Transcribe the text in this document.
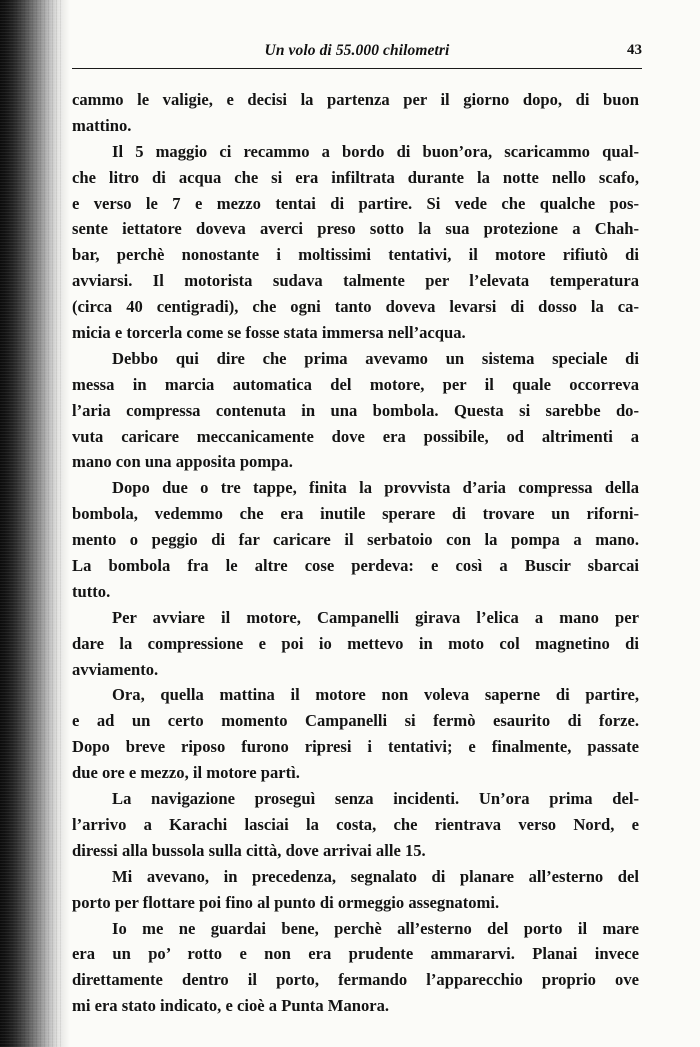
Un volo di 55.000 chilometri	43
cammo le valigie, e decisi la partenza per il giorno dopo, di buon
mattino.
Il 5 maggio ci recammo a bordo di buon’ora, scaricammo qual-
che litro di acqua che si era infiltrata durante la notte nello scafo,
e verso le 7 e mezzo tentai di partire. Si vede che qualche pos-
sente iettatore doveva averci preso sotto la sua protezione a Chah-
bar, perchè nonostante i moltissimi tentativi, il motore rifiutò di
avviarsi. Il motorista sudava talmente per l’elevata temperatura
(circa 40 centigradi), che ogni tanto doveva levarsi di dosso la ca-
micia e torcerla come se fosse stata immersa nell’acqua.
Debbo qui dire che prima avevamo un sistema speciale di
messa in marcia automatica del motore, per il quale occorreva
l’aria compressa contenuta in una bombola. Questa si sarebbe do-
vuta caricare meccanicamente dove era possibile, od altrimenti a
mano con una apposita pompa.
Dopo due o tre tappe, finita la provvista d’aria compressa della
bombola, vedemmo che era inutile sperare di trovare un riforni-
mento o peggio di far caricare il serbatoio con la pompa a mano.
La bombola fra le altre cose perdeva: e così a Buscir sbarcai
tutto.
Per avviare il motore, Campanelli girava l’elica a mano per
dare la compressione e poi io mettevo in moto col magnetino di
avviamento.
Ora, quella mattina il motore non voleva saperne di partire,
e ad un certo momento Campanelli si fermò esaurito di forze.
Dopo breve riposo furono ripresi i tentativi; e finalmente, passate
due ore e mezzo, il motore partì.
La navigazione proseguì senza incidenti. Un’ora prima del-
l’arrivo a Karachi lasciai la costa, che rientrava verso Nord, e
diressi alla bussola sulla città, dove arrivai alle 15.
Mi avevano, in precedenza, segnalato di planare all’esterno del
porto per flottare poi fino al punto di ormeggio assegnatomi.
Io me ne guardai bene, perchè all’esterno del porto il mare
era un po’ rotto e non era prudente ammararvi. Planai invece
direttamente dentro il porto, fermando l’apparecchio proprio ove
mi era stato indicato, e cioè a Punta Manora.
